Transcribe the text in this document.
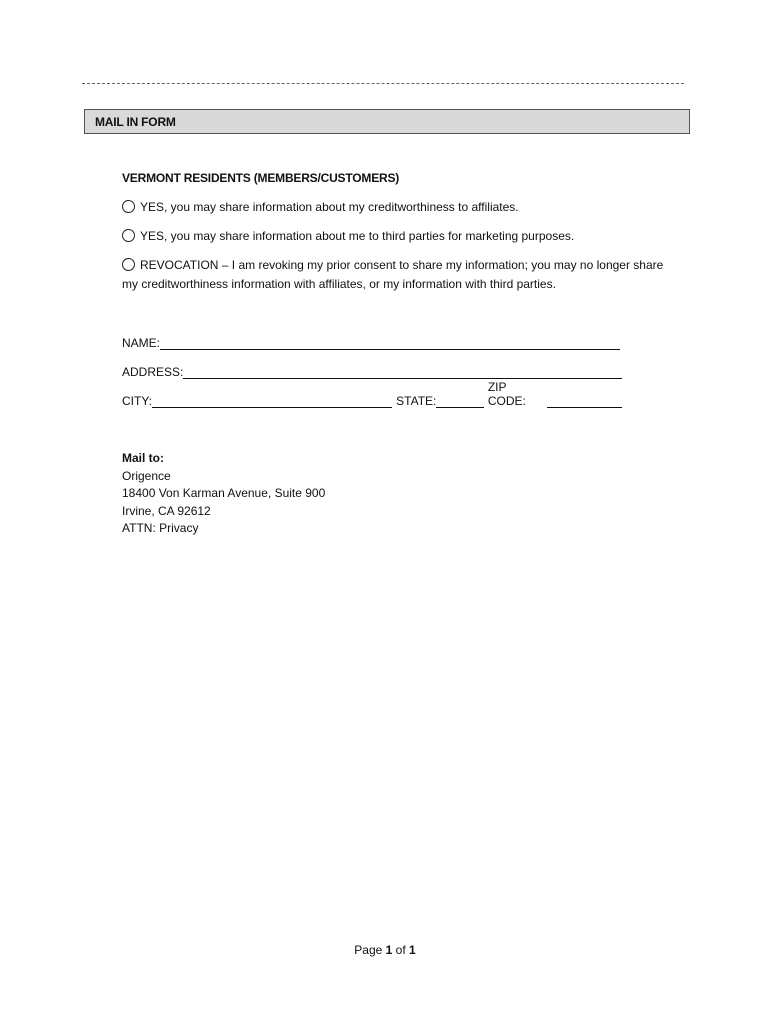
MAIL IN FORM
VERMONT RESIDENTS (MEMBERS/CUSTOMERS)
YES, you may share information about my creditworthiness to affiliates.
YES, you may share information about me to third parties for marketing purposes.
REVOCATION – I am revoking my prior consent to share my information; you may no longer share
my creditworthiness information with affiliates, or my information with third parties.
NAME:
ADDRESS:
CITY:	STATE:
ZIP CODE:
Mail to:
Origence
18400 Von Karman Avenue, Suite 900
Irvine, CA 92612
ATTN: Privacy
Page 1 of 1
